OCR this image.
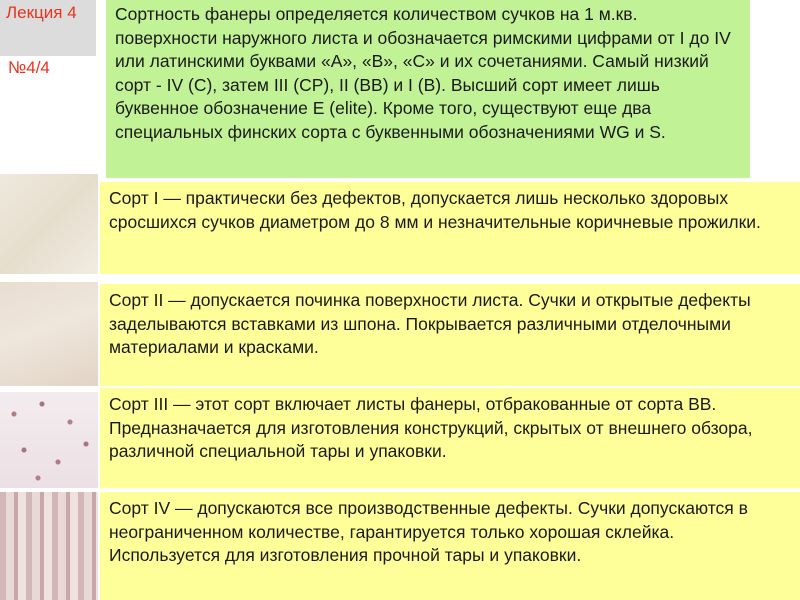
Лекция 4
№4/4
Сортность фанеры определяется количеством сучков на 1 м.кв. поверхности наружного листа и обозначается римскими цифрами от I до IV или латинскими буквами «A», «B», «C» и их сочетаниями. Самый низкий сорт - IV (C), затем III (CP), II (BB) и I (B). Высший сорт имеет лишь буквенное обозначение E (elite). Кроме того, существуют еще два специальных финских сорта с буквенными обозначениями WG и S.
Сорт I — практически без дефектов, допускается лишь несколько здоровых сросшихся сучков диаметром до 8 мм и незначительные коричневые прожилки.
Сорт II — допускается починка поверхности листа. Сучки и открытые дефекты заделываются вставками из шпона. Покрывается различными отделочными материалами и красками.
Сорт III — этот сорт включает листы фанеры, отбракованные от сорта BB. Предназначается для изготовления конструкций, скрытых от внешнего обзора, различной специальной тары и упаковки.
Сорт IV — допускаются все производственные дефекты. Сучки допускаются в неограниченном количестве, гарантируется только хорошая склейка. Используется для изготовления прочной тары и упаковки.
